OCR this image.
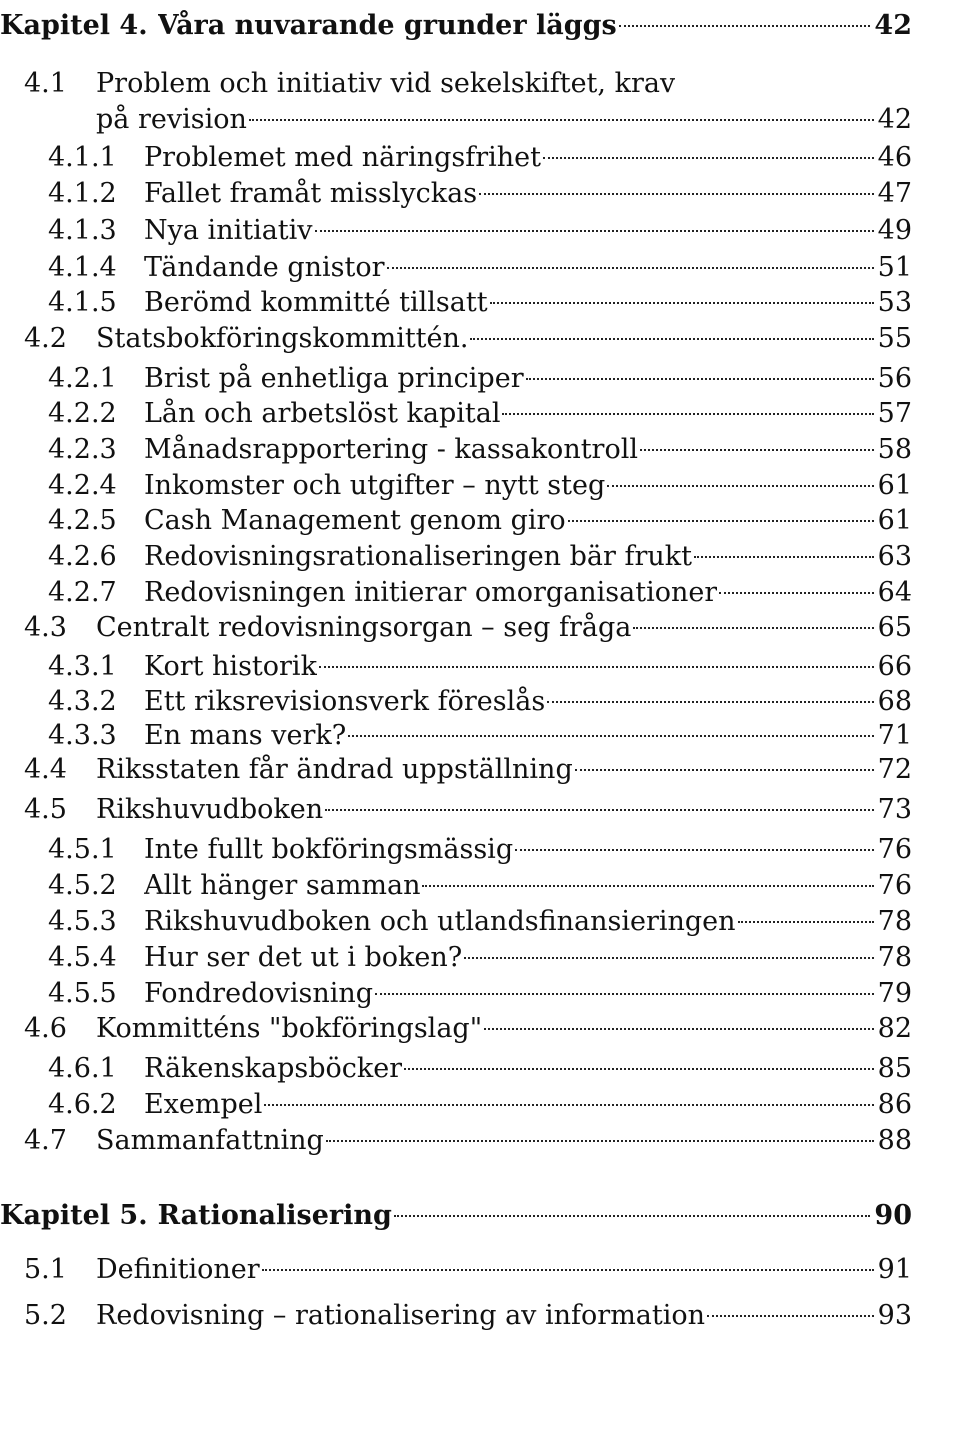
Kapitel 4. Våra nuvarande grunder läggs	42
4.1	Problem och initiativ vid sekelskiftet, krav
på revision	42
4.1.1	Problemet med näringsfrihet	46
4.1.2	Fallet framåt misslyckas	47
4.1.3	Nya initiativ	49
4.1.4	Tändande gnistor	51
4.1.5	Berömd kommitté tillsatt	53
4.2	Statsbokföringskommittén.	55
4.2.1	Brist på enhetliga principer	56
4.2.2	Lån och arbetslöst kapital	57
4.2.3	Månadsrapportering - kassakontroll	58
4.2.4	Inkomster och utgifter – nytt steg	61
4.2.5	Cash Management genom giro	61
4.2.6	Redovisningsrationaliseringen bär frukt	63
4.2.7	Redovisningen initierar omorganisationer	64
4.3	Centralt redovisningsorgan – seg fråga	65
4.3.1	Kort historik	66
4.3.2	Ett riksrevisionsverk föreslås	68
4.3.3	En mans verk?	71
4.4	Riksstaten får ändrad uppställning	72
4.5	Rikshuvudboken	73
4.5.1	Inte fullt bokföringsmässig	76
4.5.2	Allt hänger samman	76
4.5.3	Rikshuvudboken och utlandsfinansieringen	78
4.5.4	Hur ser det ut i boken?	78
4.5.5	Fondredovisning	79
4.6	Kommitténs "bokföringslag"	82
4.6.1	Räkenskapsböcker	85
4.6.2	Exempel	86
4.7	Sammanfattning	88
Kapitel 5. Rationalisering	90
5.1	Definitioner	91
5.2	Redovisning – rationalisering av information	93
